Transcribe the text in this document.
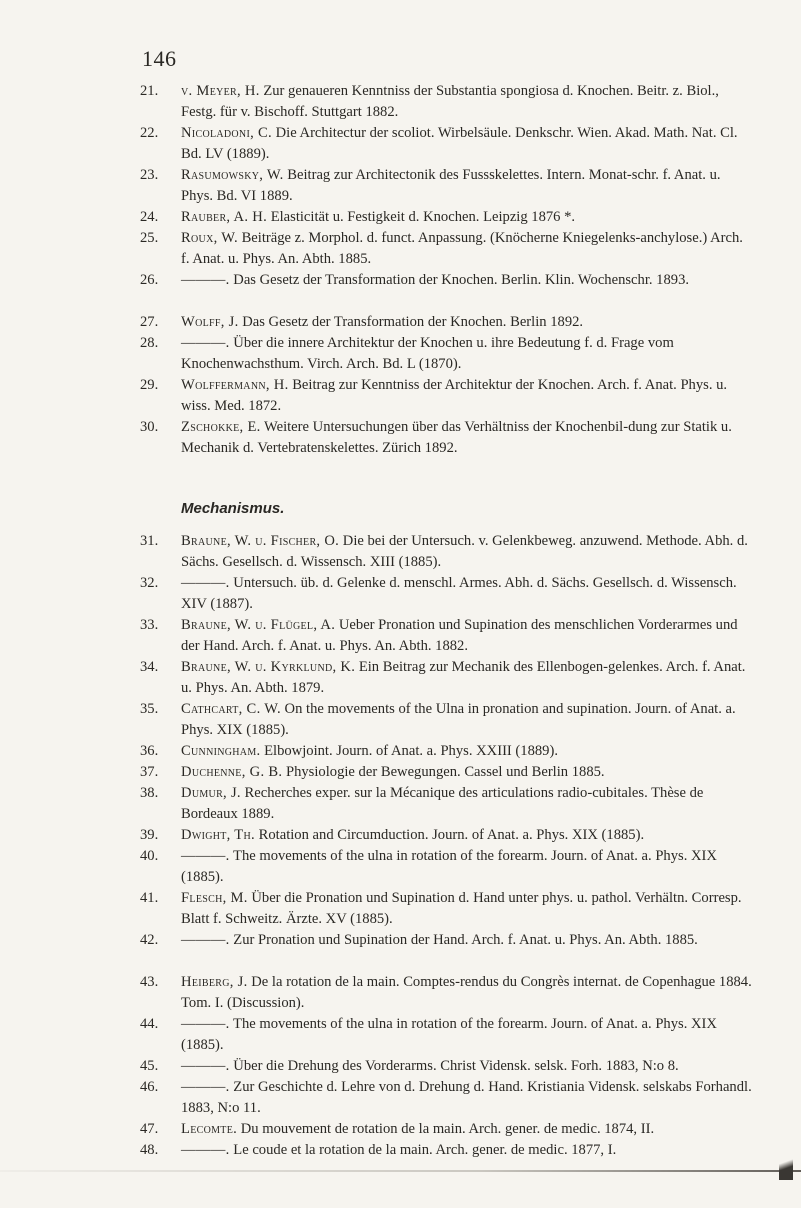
146
21.	v. Meyer, H. Zur genaueren Kenntniss der Substantia spongiosa d. Knochen. Beitr. z. Biol., Festg. für v. Bischoff. Stuttgart 1882.
22.	Nicoladoni, C. Die Architectur der scoliot. Wirbelsäule. Denkschr. Wien. Akad. Math. Nat. Cl. Bd. LV (1889).
23.	Rasumowsky, W. Beitrag zur Architectonik des Fussskelettes. Intern. Monat-schr. f. Anat. u. Phys. Bd. VI 1889.
24.	Rauber, A. H. Elasticität u. Festigkeit d. Knochen. Leipzig 1876 *.
25.	Roux, W. Beiträge z. Morphol. d. funct. Anpassung. (Knöcherne Kniegelenks-anchylose.) Arch. f. Anat. u. Phys. An. Abth. 1885.
26.	———. Das Gesetz der Transformation der Knochen. Berlin. Klin. Wochenschr. 1893.
27.	Wolff, J. Das Gesetz der Transformation der Knochen. Berlin 1892.
28.	———. Über die innere Architektur der Knochen u. ihre Bedeutung f. d. Frage vom Knochenwachsthum. Virch. Arch. Bd. L (1870).
29.	Wolffermann, H. Beitrag zur Kenntniss der Architektur der Knochen. Arch. f. Anat. Phys. u. wiss. Med. 1872.
30.	Zschokke, E. Weitere Untersuchungen über das Verhältniss der Knochenbil-dung zur Statik u. Mechanik d. Vertebratenskelettes. Zürich 1892.
Mechanismus.
31.	Braune, W. u. Fischer, O. Die bei der Untersuch. v. Gelenkbeweg. anzuwend. Methode. Abh. d. Sächs. Gesellsch. d. Wissensch. XIII (1885).
32.	———. Untersuch. üb. d. Gelenke d. menschl. Armes. Abh. d. Sächs. Gesellsch. d. Wissensch. XIV (1887).
33.	Braune, W. u. Flügel, A. Ueber Pronation und Supination des menschlichen Vorderarmes und der Hand. Arch. f. Anat. u. Phys. An. Abth. 1882.
34.	Braune, W. u. Kyrklund, K. Ein Beitrag zur Mechanik des Ellenbogen-gelenkes. Arch. f. Anat. u. Phys. An. Abth. 1879.
35.	Cathcart, C. W. On the movements of the Ulna in pronation and supination. Journ. of Anat. a. Phys. XIX (1885).
36.	Cunningham. Elbowjoint. Journ. of Anat. a. Phys. XXIII (1889).
37.	Duchenne, G. B. Physiologie der Bewegungen. Cassel und Berlin 1885.
38.	Dumur, J. Recherches exper. sur la Mécanique des articulations radio-cubitales. Thèse de Bordeaux 1889.
39.	Dwight, Th. Rotation and Circumduction. Journ. of Anat. a. Phys. XIX (1885).
40.	———. The movements of the ulna in rotation of the forearm. Journ. of Anat. a. Phys. XIX (1885).
41.	Flesch, M. Über die Pronation und Supination d. Hand unter phys. u. pathol. Verhältn. Corresp. Blatt f. Schweitz. Ärzte. XV (1885).
42.	———. Zur Pronation und Supination der Hand. Arch. f. Anat. u. Phys. An. Abth. 1885.
43.	Heiberg, J. De la rotation de la main. Comptes-rendus du Congrès internat. de Copenhague 1884. Tom. I. (Discussion).
44.	———. The movements of the ulna in rotation of the forearm. Journ. of Anat. a. Phys. XIX (1885).
45.	———. Über die Drehung des Vorderarms. Christ Vidensk. selsk. Forh. 1883, N:o 8.
46.	———. Zur Geschichte d. Lehre von d. Drehung d. Hand. Kristiania Vidensk. selskabs Forhandl. 1883, N:o 11.
47.	Lecomte. Du mouvement de rotation de la main. Arch. gener. de medic. 1874, II.
48.	———. Le coude et la rotation de la main. Arch. gener. de medic. 1877, I.
